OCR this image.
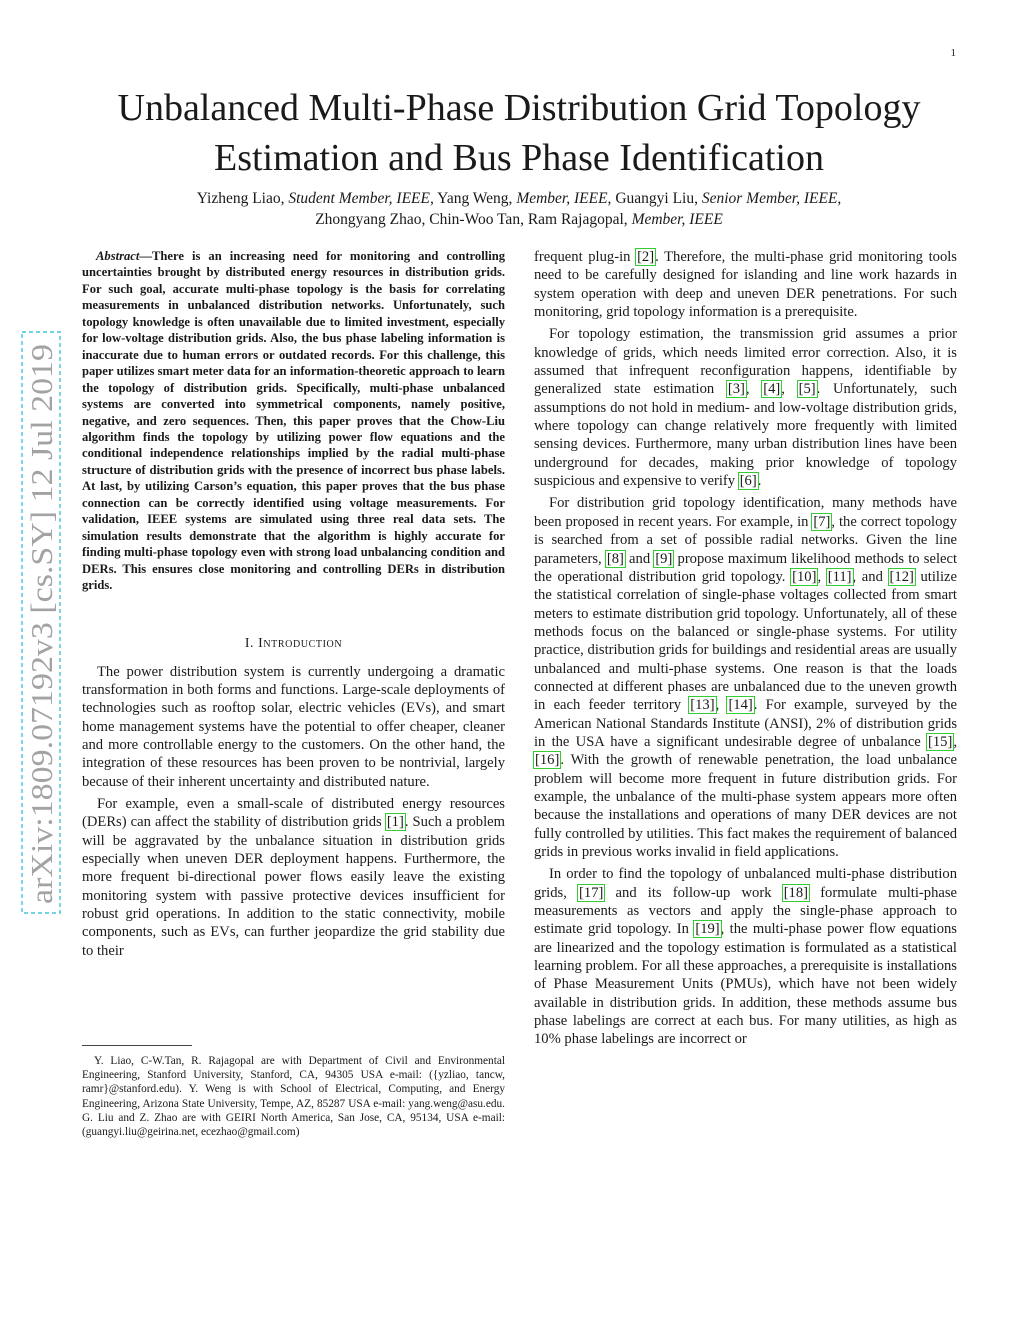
1
arXiv:1809.07192v3 [cs.SY] 12 Jul 2019
Unbalanced Multi-Phase Distribution Grid Topology
Estimation and Bus Phase Identification
Yizheng Liao, Student Member, IEEE, Yang Weng, Member, IEEE, Guangyi Liu, Senior Member, IEEE,
Zhongyang Zhao, Chin-Woo Tan, Ram Rajagopal, Member, IEEE

Abstract—There is an increasing need for monitoring and controlling uncertainties brought by distributed energy resources in distribution grids. For such goal, accurate multi-phase topology is the basis for correlating measurements in unbalanced distribution networks. Unfortunately, such topology knowledge is often unavailable due to limited investment, especially for low-voltage distribution grids. Also, the bus phase labeling information is inaccurate due to human errors or outdated records. For this challenge, this paper utilizes smart meter data for an information-theoretic approach to learn the topology of distribution grids. Specifically, multi-phase unbalanced systems are converted into symmetrical components, namely positive, negative, and zero sequences. Then, this paper proves that the Chow-Liu algorithm finds the topology by utilizing power flow equations and the conditional independence relationships implied by the radial multi-phase structure of distribution grids with the presence of incorrect bus phase labels. At last, by utilizing Carson’s equation, this paper proves that the bus phase connection can be correctly identified using voltage measurements. For validation, IEEE systems are simulated using three real data sets. The simulation results demonstrate that the algorithm is highly accurate for finding multi-phase topology even with strong load unbalancing condition and DERs. This ensures close monitoring and controlling DERs in distribution grids.

I. Introduction

The power distribution system is currently undergoing a dramatic transformation in both forms and functions. Large-scale deployments of technologies such as rooftop solar, electric vehicles (EVs), and smart home management systems have the potential to offer cheaper, cleaner and more controllable energy to the customers. On the other hand, the integration of these resources has been proven to be nontrivial, largely because of their inherent uncertainty and distributed nature.

For example, even a small-scale of distributed energy resources (DERs) can affect the stability of distribution grids [1]. Such a problem will be aggravated by the unbalance situation in distribution grids especially when uneven DER deployment happens. Furthermore, the more frequent bi-directional power flows easily leave the existing monitoring system with passive protective devices insufficient for robust grid operations. In addition to the static connectivity, mobile components, such as EVs, can further jeopardize the grid stability due to their

frequent plug-in [2]. Therefore, the multi-phase grid monitoring tools need to be carefully designed for islanding and line work hazards in system operation with deep and uneven DER penetrations. For such monitoring, grid topology information is a prerequisite.

For topology estimation, the transmission grid assumes a prior knowledge of grids, which needs limited error correction. Also, it is assumed that infrequent reconfiguration happens, identifiable by generalized state estimation [3], [4], [5]. Unfortunately, such assumptions do not hold in medium- and low-voltage distribution grids, where topology can change relatively more frequently with limited sensing devices. Furthermore, many urban distribution lines have been underground for decades, making prior knowledge of topology suspicious and expensive to verify [6].

For distribution grid topology identification, many methods have been proposed in recent years. For example, in [7], the correct topology is searched from a set of possible radial networks. Given the line parameters, [8] and [9] propose maximum likelihood methods to select the operational distribution grid topology. [10], [11], and [12] utilize the statistical correlation of single-phase voltages collected from smart meters to estimate distribution grid topology. Unfortunately, all of these methods focus on the balanced or single-phase systems. For utility practice, distribution grids for buildings and residential areas are usually unbalanced and multi-phase systems. One reason is that the loads connected at different phases are unbalanced due to the uneven growth in each feeder territory [13], [14]. For example, surveyed by the American National Standards Institute (ANSI), 2% of distribution grids in the USA have a significant undesirable degree of unbalance [15], [16]. With the growth of renewable penetration, the load unbalance problem will become more frequent in future distribution grids. For example, the unbalance of the multi-phase system appears more often because the installations and operations of many DER devices are not fully controlled by utilities. This fact makes the requirement of balanced grids in previous works invalid in field applications.

In order to find the topology of unbalanced multi-phase distribution grids, [17] and its follow-up work [18] formulate multi-phase measurements as vectors and apply the single-phase approach to estimate grid topology. In [19], the multi-phase power flow equations are linearized and the topology estimation is formulated as a statistical learning problem. For all these approaches, a prerequisite is installations of Phase Measurement Units (PMUs), which have not been widely available in distribution grids. In addition, these methods assume bus phase labelings are correct at each bus. For many utilities, as high as 10% phase labelings are incorrect or

Y. Liao, C-W.Tan, R. Rajagopal are with Department of Civil and Environmental Engineering, Stanford University, Stanford, CA, 94305 USA e-mail: ({yzliao, tancw, ramr}@stanford.edu). Y. Weng is with School of Electrical, Computing, and Energy Engineering, Arizona State University, Tempe, AZ, 85287 USA e-mail: yang.weng@asu.edu. G. Liu and Z. Zhao are with GEIRI North America, San Jose, CA, 95134, USA e-mail: (guangyi.liu@geirina.net, ecezhao@gmail.com)
